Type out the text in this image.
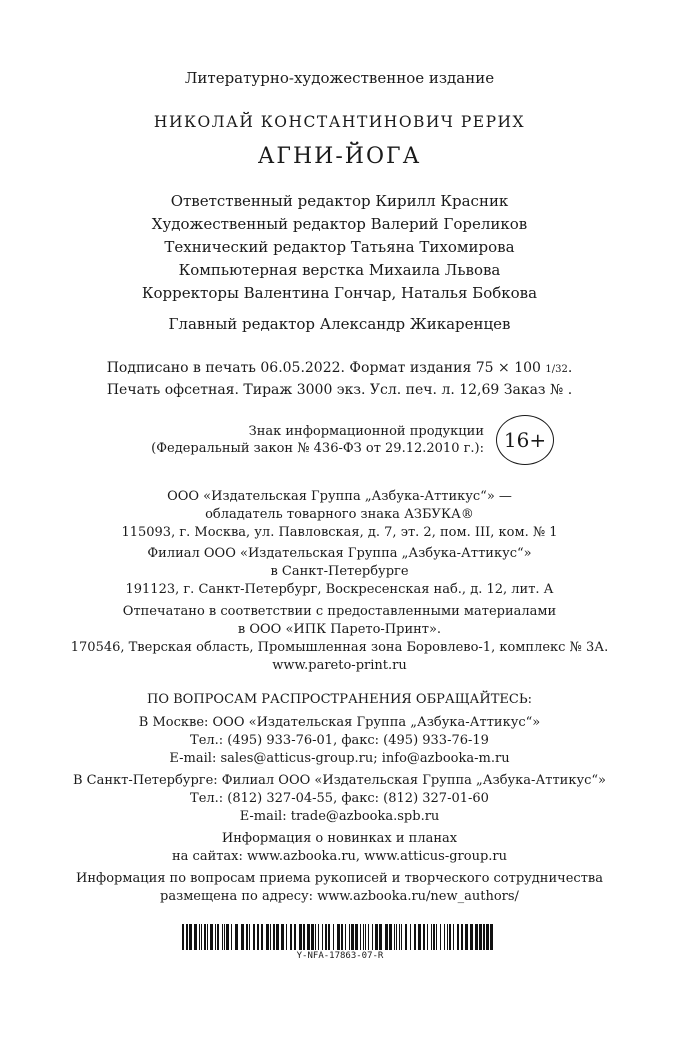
Литературно-художественное издание
НИКОЛАЙ КОНСТАНТИНОВИЧ РЕРИХ
АГНИ-ЙОГА
Ответственный редактор Кирилл Красник
Художественный редактор Валерий Гореликов
Технический редактор Татьяна Тихомирова
Компьютерная верстка Михаила Львова
Корректоры Валентина Гончар, Наталья Бобкова
Главный редактор Александр Жикаренцев
Подписано в печать 06.05.2022. Формат издания 75 × 100 1/32.
Печать офсетная. Тираж 3000 экз. Усл. печ. л. 12,69 Заказ № .
Знак информационной продукции
(Федеральный закон № 436-ФЗ от 29.12.2010 г.): 16+
ООО «Издательская Группа „Азбука-Аттикус“» —
обладатель товарного знака АЗБУКА®
115093, г. Москва, ул. Павловская, д. 7, эт. 2, пом. III, ком. № 1
Филиал ООО «Издательская Группа „Азбука-Аттикус“»
в Санкт-Петербурге
191123, г. Санкт-Петербург, Воскресенская наб., д. 12, лит. А
Отпечатано в соответствии с предоставленными материалами
в ООО «ИПК Парето-Принт».
170546, Тверская область, Промышленная зона Боровлево-1, комплекс № 3А.
www.pareto-print.ru
ПО ВОПРОСАМ РАСПРОСТРАНЕНИЯ ОБРАЩАЙТЕСЬ:
В Москве: ООО «Издательская Группа „Азбука-Аттикус“»
Тел.: (495) 933-76-01, факс: (495) 933-76-19
E-mail: sales@atticus-group.ru; info@azbooka-m.ru
В Санкт-Петербурге: Филиал ООО «Издательская Группа „Азбука-Аттикус“»
Тел.: (812) 327-04-55, факс: (812) 327-01-60
E-mail: trade@azbooka.spb.ru
Информация о новинках и планах
на сайтах: www.azbooka.ru, www.atticus-group.ru
Информация по вопросам приема рукописей и творческого сотрудничества
размещена по адресу: www.azbooka.ru/new_authors/
Y-NFA-17863-07-R
